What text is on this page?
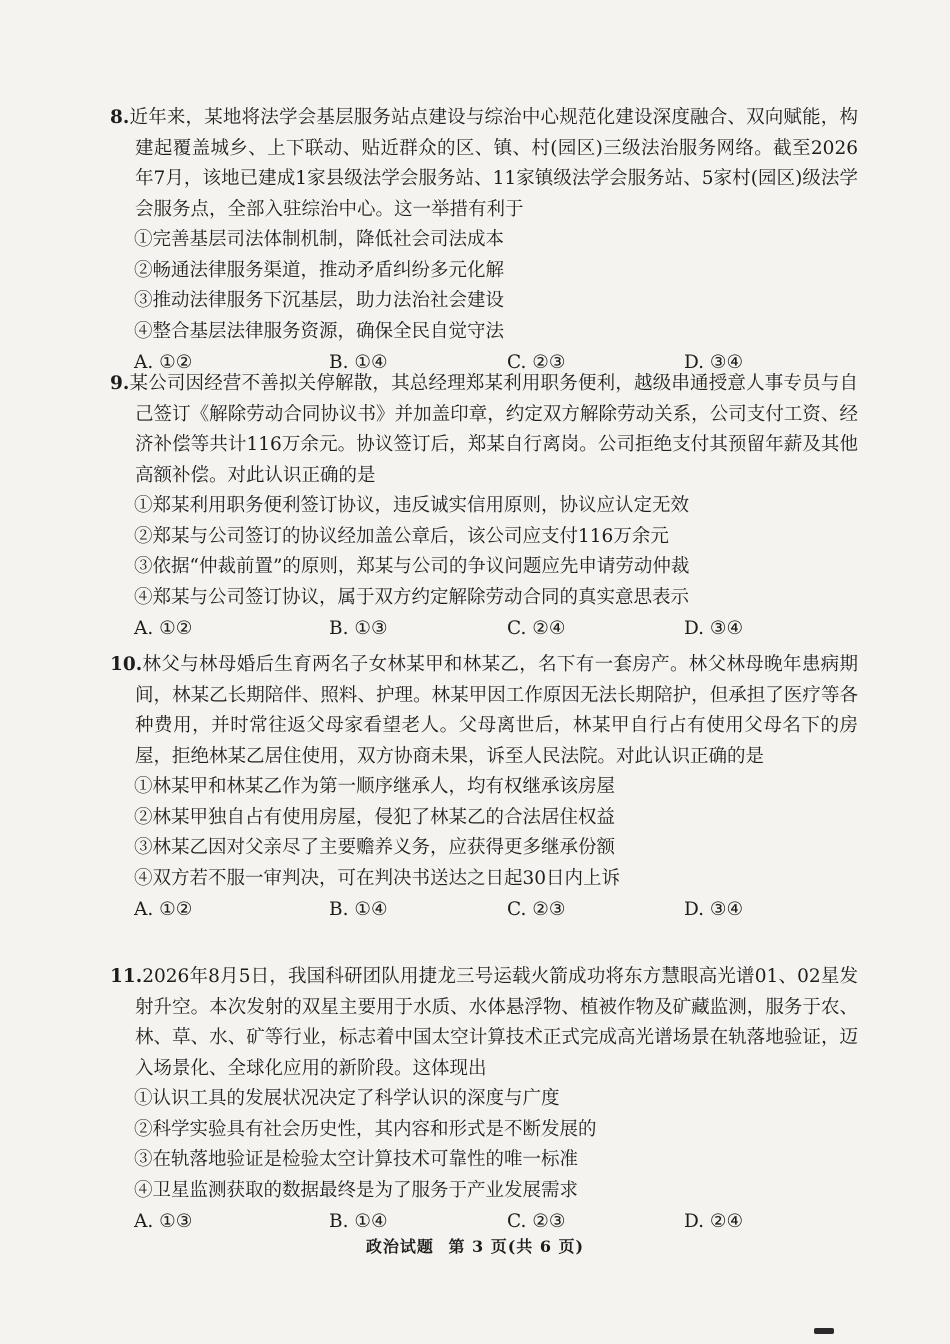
8.近年来，某地将法学会基层服务站点建设与综治中心规范化建设深度融合、双向赋能，构建起覆盖城乡、上下联动、贴近群众的区、镇、村(园区)三级法治服务网络。截至2026年7月，该地已建成1家县级法学会服务站、11家镇级法学会服务站、5家村(园区)级法学会服务点，全部入驻综治中心。这一举措有利于

①完善基层司法体制机制，降低社会司法成本

②畅通法律服务渠道，推动矛盾纠纷多元化解

③推动法律服务下沉基层，助力法治社会建设

④整合基层法律服务资源，确保全民自觉守法

A. ①②	B. ①④	C. ②③	D. ③④

9.某公司因经营不善拟关停解散，其总经理郑某利用职务便利，越级串通授意人事专员与自己签订《解除劳动合同协议书》并加盖印章，约定双方解除劳动关系，公司支付工资、经济补偿等共计116万余元。协议签订后，郑某自行离岗。公司拒绝支付其预留年薪及其他高额补偿。对此认识正确的是

①郑某利用职务便利签订协议，违反诚实信用原则，协议应认定无效

②郑某与公司签订的协议经加盖公章后，该公司应支付116万余元

③依据“仲裁前置”的原则，郑某与公司的争议问题应先申请劳动仲裁

④郑某与公司签订协议，属于双方约定解除劳动合同的真实意思表示

A. ①②	B. ①③	C. ②④	D. ③④

10.林父与林母婚后生育两名子女林某甲和林某乙，名下有一套房产。林父林母晚年患病期间，林某乙长期陪伴、照料、护理。林某甲因工作原因无法长期陪护，但承担了医疗等各种费用，并时常往返父母家看望老人。父母离世后，林某甲自行占有使用父母名下的房屋，拒绝林某乙居住使用，双方协商未果，诉至人民法院。对此认识正确的是

①林某甲和林某乙作为第一顺序继承人，均有权继承该房屋

②林某甲独自占有使用房屋，侵犯了林某乙的合法居住权益

③林某乙因对父亲尽了主要赡养义务，应获得更多继承份额

④双方若不服一审判决，可在判决书送达之日起30日内上诉

A. ①②	B. ①④	C. ②③	D. ③④

11.2026年8月5日，我国科研团队用捷龙三号运载火箭成功将东方慧眼高光谱01、02星发射升空。本次发射的双星主要用于水质、水体悬浮物、植被作物及矿藏监测，服务于农、林、草、水、矿等行业，标志着中国太空计算技术正式完成高光谱场景在轨落地验证，迈入场景化、全球化应用的新阶段。这体现出

①认识工具的发展状况决定了科学认识的深度与广度

②科学实验具有社会历史性，其内容和形式是不断发展的

③在轨落地验证是检验太空计算技术可靠性的唯一标准

④卫星监测获取的数据最终是为了服务于产业发展需求

A. ①③	B. ①④	C. ②③	D. ②④
政治试题 第 3 页(共 6 页)
